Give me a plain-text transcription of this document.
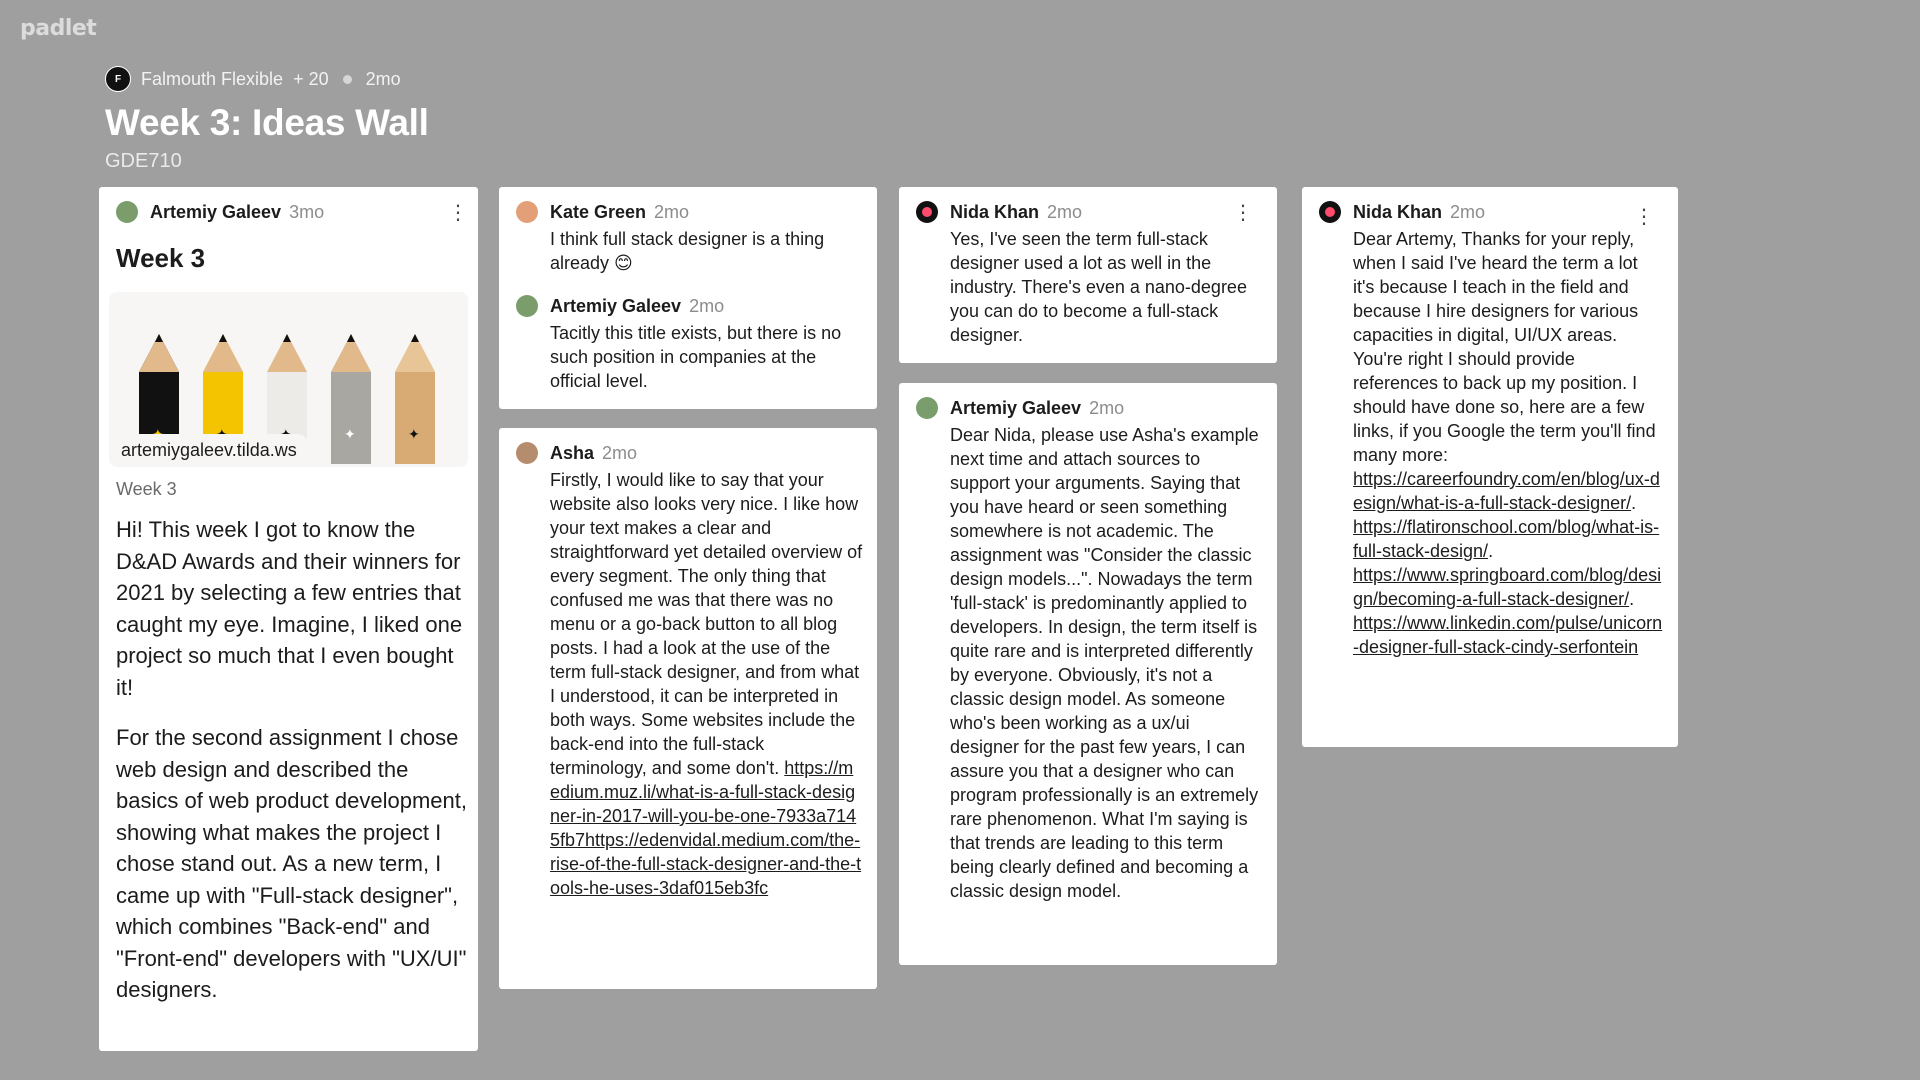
padlet
F	Falmouth Flexible + 20 2mo
Week 3: Ideas Wall
GDE710
Artemiy Galeev 3mo	⋮
Week 3
✦	✦
artemiygaleev.tilda.ws
Week 3

Hi! This week I got to know the D&AD Awards and their winners for 2021 by selecting a few entries that caught my eye. Imagine, I liked one project so much that I even bought it!

For the second assignment I chose web design and described the basics of web product development, showing what makes the project I chose stand out. As a new term, I came up with "Full-stack designer", which combines "Back-end" and "Front-end" developers with "UX/UI" designers.

Kate Green 2mo
I think full stack designer is a thing already 😊
Artemiy Galeev 2mo
Tacitly this title exists, but there is no such position in companies at the official level.
Asha 2mo
Firstly, I would like to say that your website also looks very nice. I like how your text makes a clear and straightforward yet detailed overview of every segment. The only thing that confused me was that there was no menu or a go-back button to all blog posts. I had a look at the use of the term full-stack designer, and from what I understood, it can be interpreted in both ways. Some websites include the back-end into the full-stack terminology, and some don't. https://medium.muz.li/what-is-a-full-stack-designer-in-2017-will-you-be-one-7933a7145fb7https://edenvidal.medium.com/the-rise-of-the-full-stack-designer-and-the-tools-he-uses-3daf015eb3fc
Nida Khan 2mo	⋮
Yes, I've seen the term full-stack designer used a lot as well in the industry. There's even a nano-degree you can do to become a full-stack designer.
Artemiy Galeev 2mo
Dear Nida, please use Asha's example next time and attach sources to support your arguments. Saying that you have heard or seen something somewhere is not academic. The assignment was "Consider the classic design models...". Nowadays the term 'full-stack' is predominantly applied to developers. In design, the term itself is quite rare and is interpreted differently by everyone. Obviously, it's not a classic design model. As someone who's been working as a ux/ui designer for the past few years, I can assure you that a designer who can program professionally is an extremely rare phenomenon. What I'm saying is that trends are leading to this term being clearly defined and becoming a classic design model.
Nida Khan 2mo	⋮
Dear Artemy, Thanks for your reply, when I said I've heard the term a lot it's because I teach in the field and because I hire designers for various capacities in digital, UI/UX areas. You're right I should provide references to back up my position. I should have done so, here are a few links, if you Google the term you'll find many more:
https://careerfoundry.com/en/blog/ux-design/what-is-a-full-stack-designer/.
https://flatironschool.com/blog/what-is-full-stack-design/.
https://www.springboard.com/blog/design/becoming-a-full-stack-designer/.
https://www.linkedin.com/pulse/unicorn-designer-full-stack-cindy-serfontein
